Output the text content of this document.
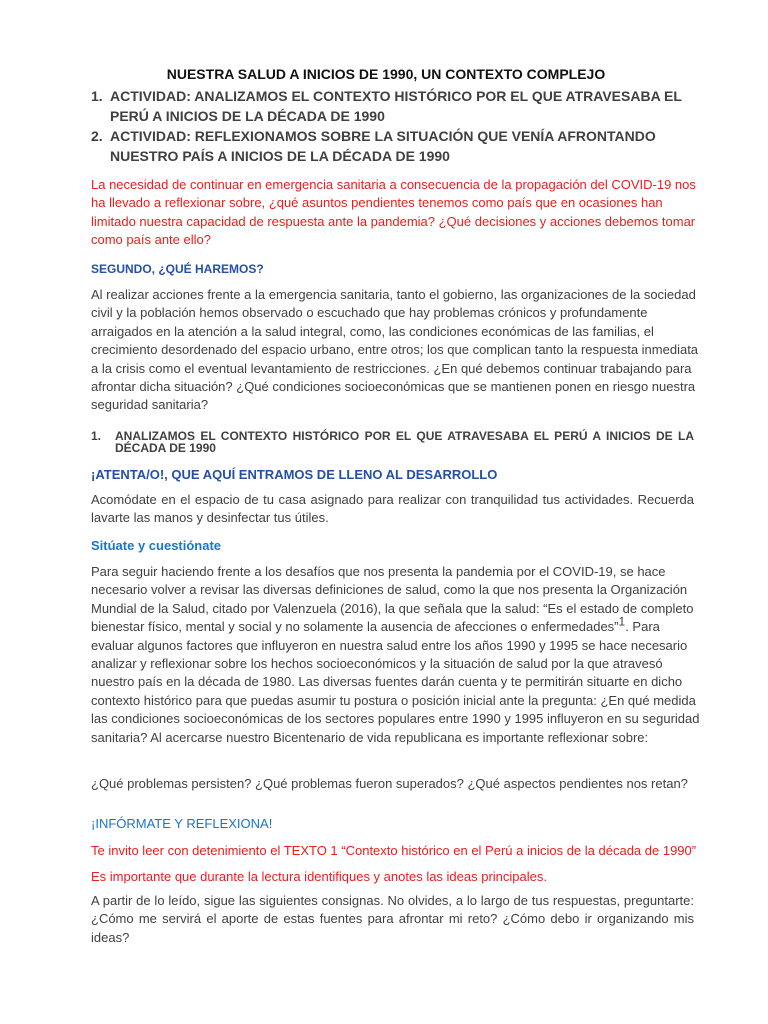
NUESTRA SALUD A INICIOS DE 1990, UN CONTEXTO COMPLEJO

1. ACTIVIDAD: ANALIZAMOS EL CONTEXTO HISTÓRICO POR EL QUE ATRAVESABA EL PERÚ A INICIOS DE LA DÉCADA DE 1990
2. ACTIVIDAD: REFLEXIONAMOS SOBRE LA SITUACIÓN QUE VENÍA AFRONTANDO NUESTRO PAÍS A INICIOS DE LA DÉCADA DE 1990

La necesidad de continuar en emergencia sanitaria a consecuencia de la propagación del COVID-19 nos ha llevado a reflexionar sobre, ¿qué asuntos pendientes tenemos como país que en ocasiones han limitado nuestra capacidad de respuesta ante la pandemia? ¿Qué decisiones y acciones debemos tomar como país ante ello?

SEGUNDO, ¿QUÉ HAREMOS?

Al realizar acciones frente a la emergencia sanitaria, tanto el gobierno, las organizaciones de la sociedad civil y la población hemos observado o escuchado que hay problemas crónicos y profundamente arraigados en la atención a la salud integral, como, las condiciones económicas de las familias, el crecimiento desordenado del espacio urbano, entre otros; los que complican tanto la respuesta inmediata a la crisis como el eventual levantamiento de restricciones. ¿En qué debemos continuar trabajando para afrontar dicha situación? ¿Qué condiciones socioeconómicas que se mantienen ponen en riesgo nuestra seguridad sanitaria?

1. ANALIZAMOS EL CONTEXTO HISTÓRICO POR EL QUE ATRAVESABA EL PERÚ A INICIOS DE LA DÉCADA DE 1990

¡ATENTA/O!, QUE AQUÍ ENTRAMOS DE LLENO AL DESARROLLO

Acomódate en el espacio de tu casa asignado para realizar con tranquilidad tus actividades. Recuerda lavarte las manos y desinfectar tus útiles.

Sitúate y cuestiónate

Para seguir haciendo frente a los desafíos que nos presenta la pandemia por el COVID-19, se hace necesario volver a revisar las diversas definiciones de salud, como la que nos presenta la Organización Mundial de la Salud, citado por Valenzuela (2016), la que señala que la salud: “Es el estado de completo bienestar físico, mental y social y no solamente la ausencia de afecciones o enfermedades”$^1$. Para evaluar algunos factores que influyeron en nuestra salud entre los años 1990 y 1995 se hace necesario analizar y reflexionar sobre los hechos socioeconómicos y la situación de salud por la que atravesó nuestro país en la década de 1980. Las diversas fuentes darán cuenta y te permitirán situarte en dicho contexto histórico para que puedas asumir tu postura o posición inicial ante la pregunta: ¿En qué medida las condiciones socioeconómicas de los sectores populares entre 1990 y 1995 influyeron en su seguridad sanitaria? Al acercarse nuestro Bicentenario de vida republicana es importante reflexionar sobre:

¿Qué problemas persisten? ¿Qué problemas fueron superados? ¿Qué aspectos pendientes nos retan?

¡INFÓRMATE Y REFLEXIONA!

Te invito leer con detenimiento el TEXTO 1 “Contexto histórico en el Perú a inicios de la década de 1990”

Es importante que durante la lectura identifiques y anotes las ideas principales.

A partir de lo leído, sigue las siguientes consignas. No olvides, a lo largo de tus respuestas, preguntarte: ¿Cómo me servirá el aporte de estas fuentes para afrontar mi reto? ¿Cómo debo ir organizando mis ideas?
